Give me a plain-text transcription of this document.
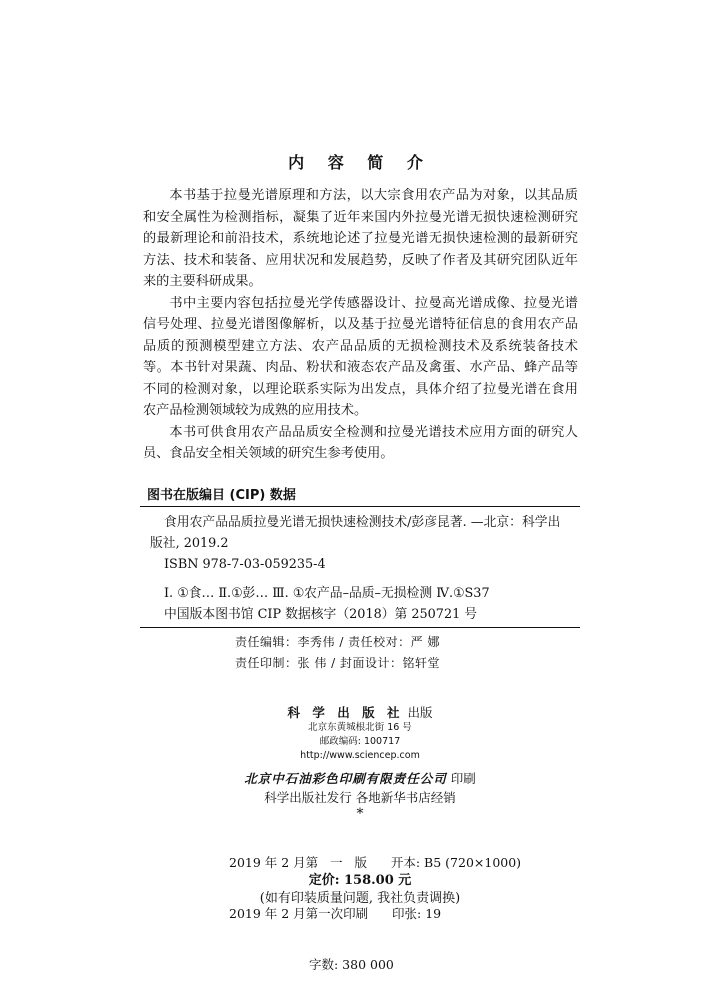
内 容 简 介

本书基于拉曼光谱原理和方法，以大宗食用农产品为对象，以其品质和安全属性为检测指标，凝集了近年来国内外拉曼光谱无损快速检测研究的最新理论和前沿技术，系统地论述了拉曼光谱无损快速检测的最新研究方法、技术和装备、应用状况和发展趋势，反映了作者及其研究团队近年来的主要科研成果。

书中主要内容包括拉曼光学传感器设计、拉曼高光谱成像、拉曼光谱信号处理、拉曼光谱图像解析，以及基于拉曼光谱特征信息的食用农产品品质的预测模型建立方法、农产品品质的无损检测技术及系统装备技术等。本书针对果蔬、肉品、粉状和液态农产品及禽蛋、水产品、蜂产品等不同的检测对象，以理论联系实际为出发点，具体介绍了拉曼光谱在食用农产品检测领域较为成熟的应用技术。

本书可供食用农产品品质安全检测和拉曼光谱技术应用方面的研究人员、食品安全相关领域的研究生参考使用。

图书在版编目 (CIP) 数据
食用农产品品质拉曼光谱无损快速检测技术/彭彦昆著. —北京：科学出
版社, 2019.2
ISBN 978-7-03-059235-4
Ⅰ. ①食… Ⅱ.①彭… Ⅲ. ①农产品–品质–无损检测 Ⅳ.①S37
中国版本图书馆 CIP 数据核字（2018）第 250721 号
责任编辑：李秀伟 / 责任校对：严 娜
责任印制：张 伟 / 封面设计：铭轩堂
科 学 出 版 社 出版
北京东黄城根北街 16 号
邮政编码: 100717
http://www.sciencep.com
北京中石油彩色印刷有限责任公司 印刷
科学出版社发行 各地新华书店经销
*

2019 年 2 月第   一   版      开本: B5 (720×1000)

2019 年 2 月第一次印刷      印张: 19

字数: 380 000

定价: 158.00 元
(如有印装质量问题, 我社负责调换)
